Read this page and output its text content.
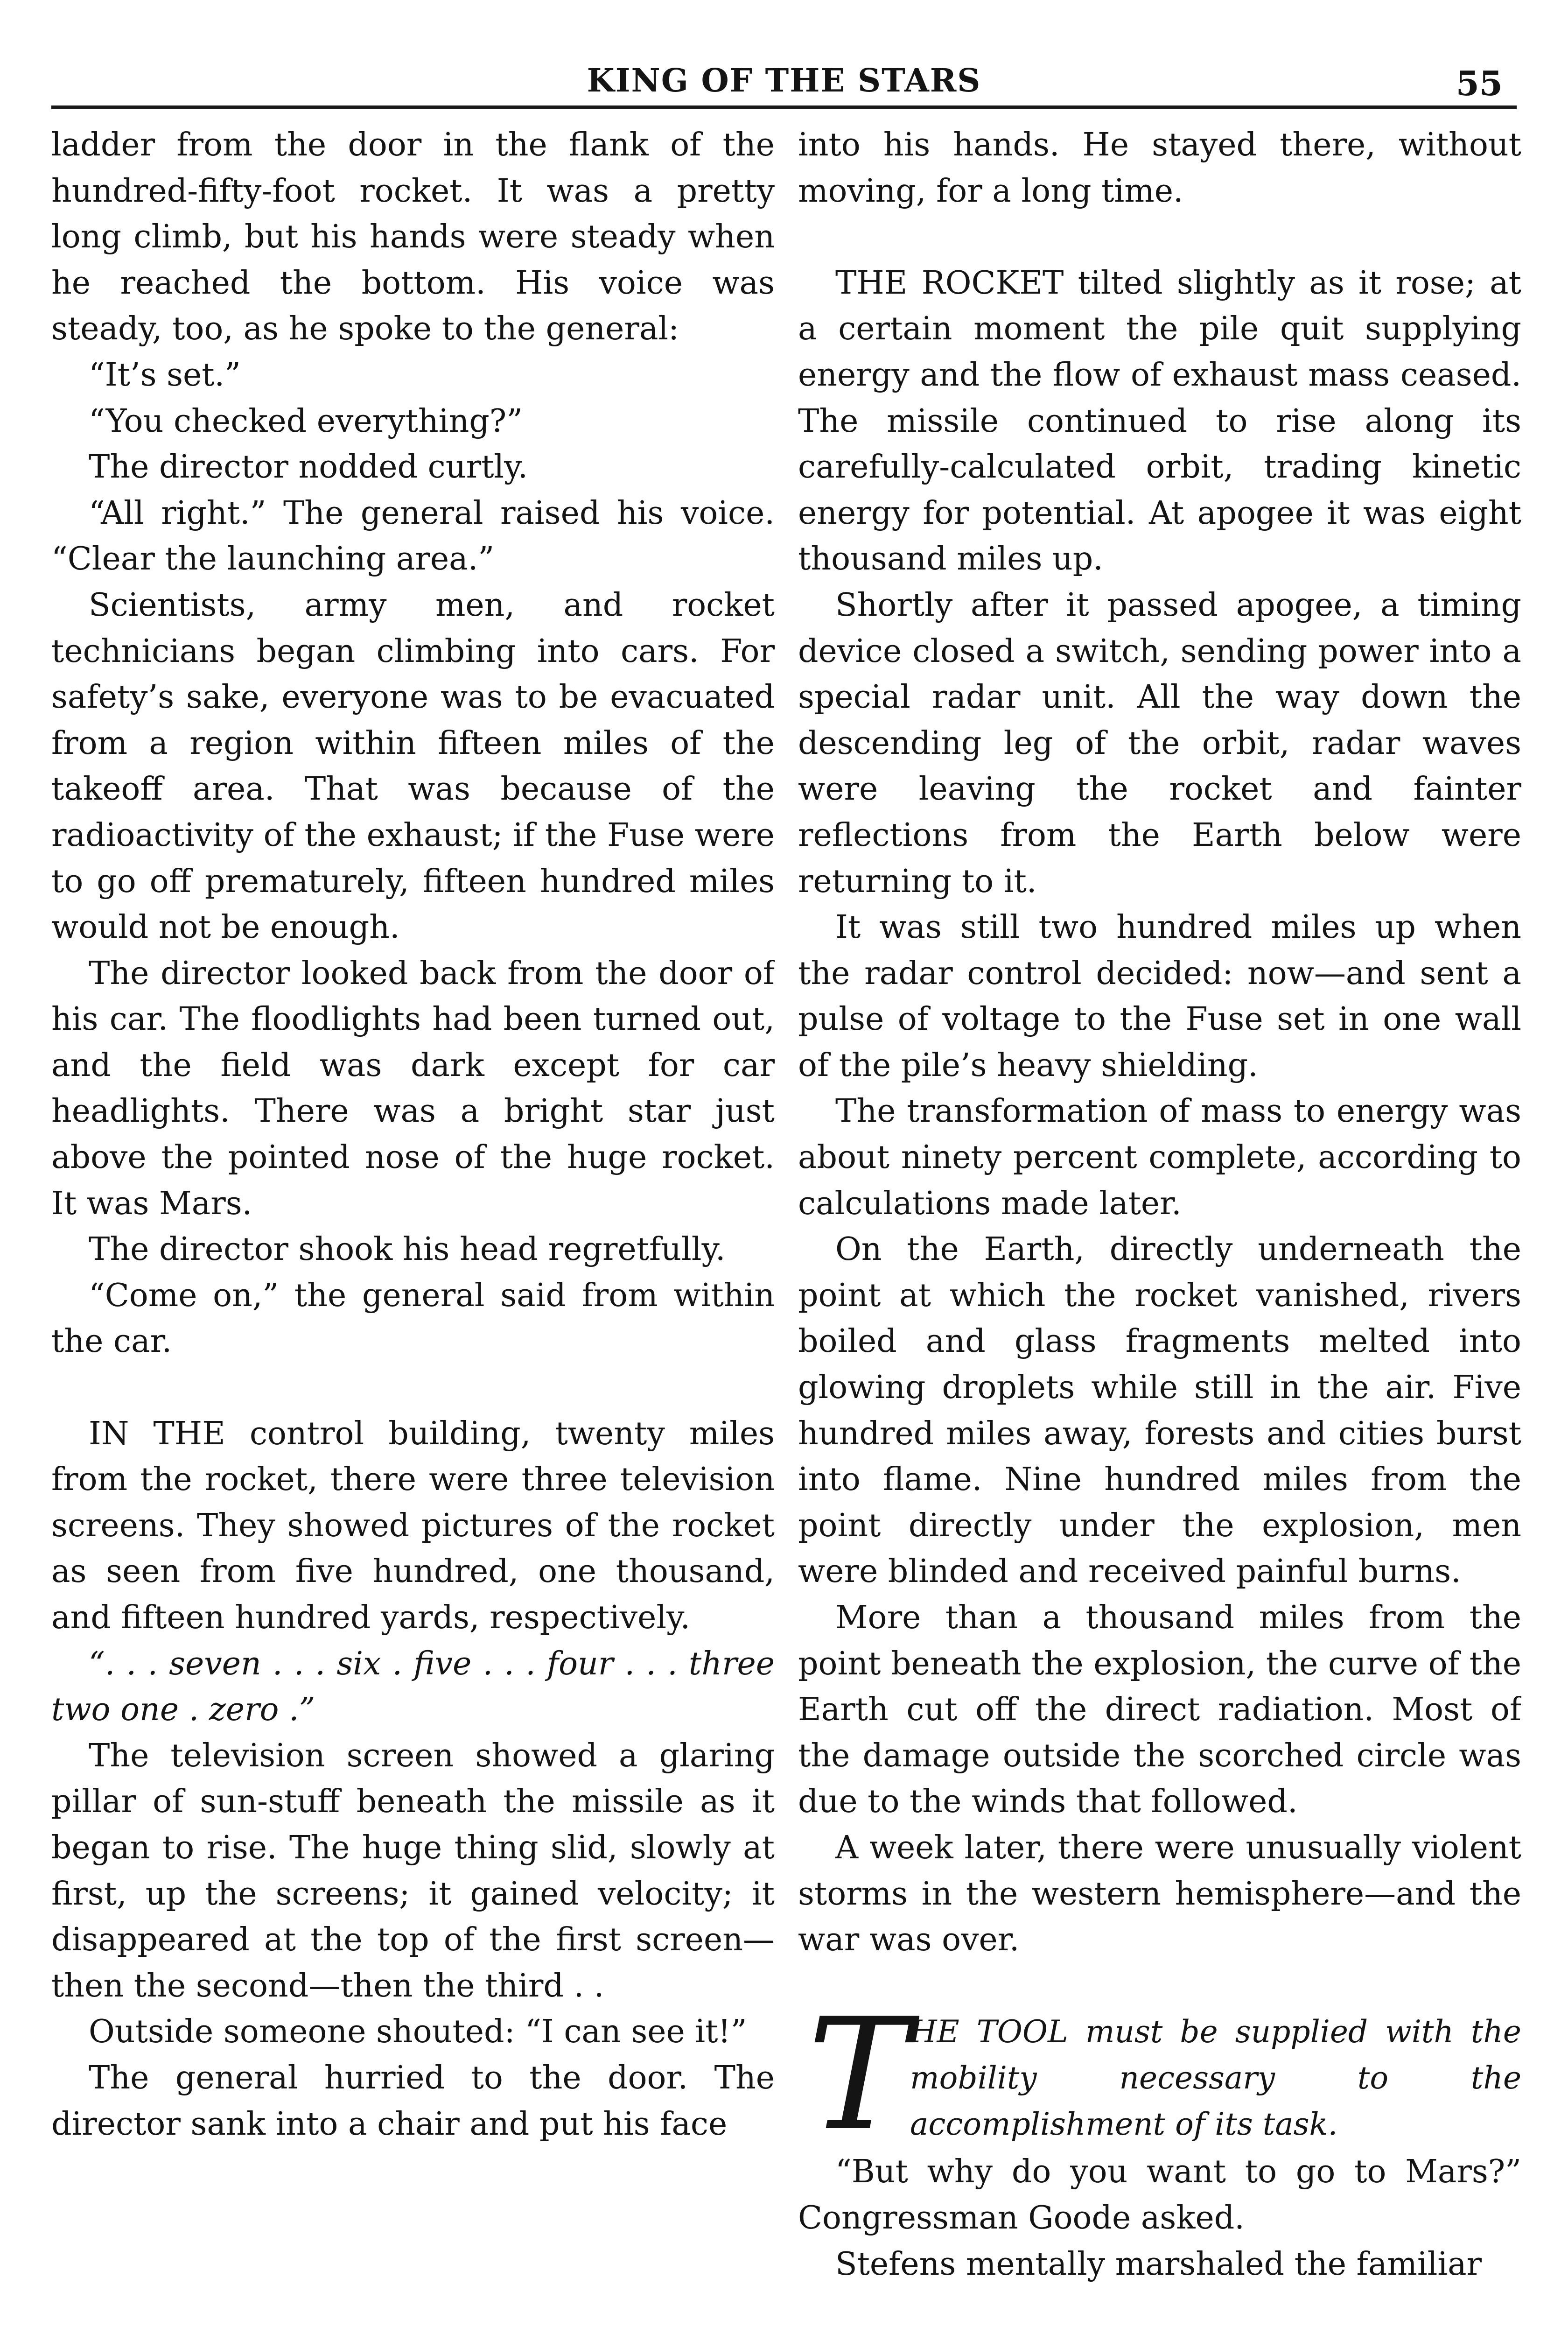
KING OF THE STARS	55

ladder from the door in the flank of the hundred-fifty-foot rocket. It was a pretty long climb, but his hands were steady when he reached the bottom. His voice was steady, too, as he spoke to the general:

“It’s set.”

“You checked everything?”

The director nodded curtly.

“All right.” The general raised his voice. “Clear the launching area.”

Scientists, army men, and rocket technicians began climbing into cars. For safety’s sake, everyone was to be evacuated from a region within fifteen miles of the takeoff area. That was because of the radioactivity of the exhaust; if the Fuse were to go off prematurely, fifteen hundred miles would not be enough.

The director looked back from the door of his car. The floodlights had been turned out, and the field was dark except for car headlights. There was a bright star just above the pointed nose of the huge rocket. It was Mars.

The director shook his head regretfully.

“Come on,” the general said from within the car.

IN THE control building, twenty miles from the rocket, there were three television screens. They showed pictures of the rocket as seen from five hundred, one thousand, and fifteen hundred yards, respectively.

“. . . seven . . . six . five . . . four . . . three two one . zero .”

The television screen showed a glaring pillar of sun-stuff beneath the missile as it began to rise. The huge thing slid, slowly at first, up the screens; it gained velocity; it disappeared at the top of the first screen—then the second—then the third . .

Outside someone shouted: “I can see it!”

The general hurried to the door. The director sank into a chair and put his face

into his hands. He stayed there, without moving, for a long time.

THE ROCKET tilted slightly as it rose; at a certain moment the pile quit supplying energy and the flow of exhaust mass ceased. The missile continued to rise along its carefully-calculated orbit, trading kinetic energy for potential. At apogee it was eight thousand miles up.

Shortly after it passed apogee, a timing device closed a switch, sending power into a special radar unit. All the way down the descending leg of the orbit, radar waves were leaving the rocket and fainter reflections from the Earth below were returning to it.

It was still two hundred miles up when the radar control decided: now—and sent a pulse of voltage to the Fuse set in one wall of the pile’s heavy shielding.

The transformation of mass to energy was about ninety percent complete, according to calculations made later.

On the Earth, directly underneath the point at which the rocket vanished, rivers boiled and glass fragments melted into glowing droplets while still in the air. Five hundred miles away, forests and cities burst into flame. Nine hundred miles from the point directly under the explosion, men were blinded and received painful burns.

More than a thousand miles from the point beneath the explosion, the curve of the Earth cut off the direct radiation. Most of the damage outside the scorched circle was due to the winds that followed.

A week later, there were unusually violent storms in the western hemisphere—and the war was over.

T HE TOOL must be supplied with the mobility necessary to the accomplishment of its task.

“But why do you want to go to Mars?” Congressman Goode asked.

Stefens mentally marshaled the familiar
